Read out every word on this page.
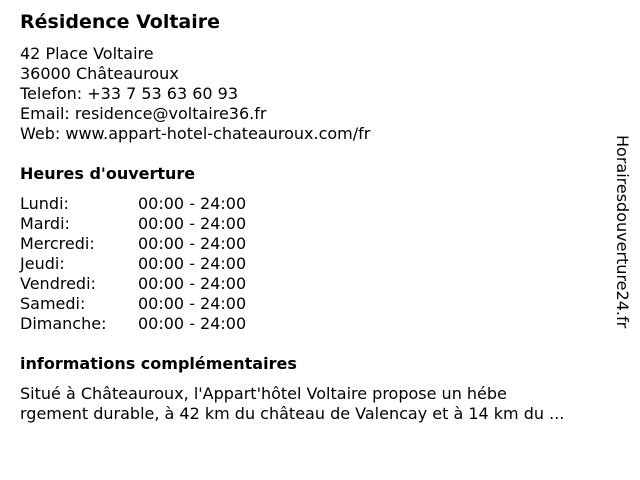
Résidence Voltaire
42 Place Voltaire
36000 Châteauroux
Telefon: +33 7 53 63 60 93
Email: residence@voltaire36.fr
Web: www.appart-hotel-chateauroux.com/fr
Heures d'ouverture
Lundi:	00:00 - 24:00
Mardi:	00:00 - 24:00
Mercredi:	00:00 - 24:00
Jeudi:	00:00 - 24:00
Vendredi:	00:00 - 24:00
Samedi:	00:00 - 24:00
Dimanche: 00:00 - 24:00
informations complémentaires
Situé à Châteauroux, l'Appart'hôtel Voltaire propose un hébe
rgement durable, à 42 km du château de Valencay et à 14 km du ...
Horairesdouverture24.fr
